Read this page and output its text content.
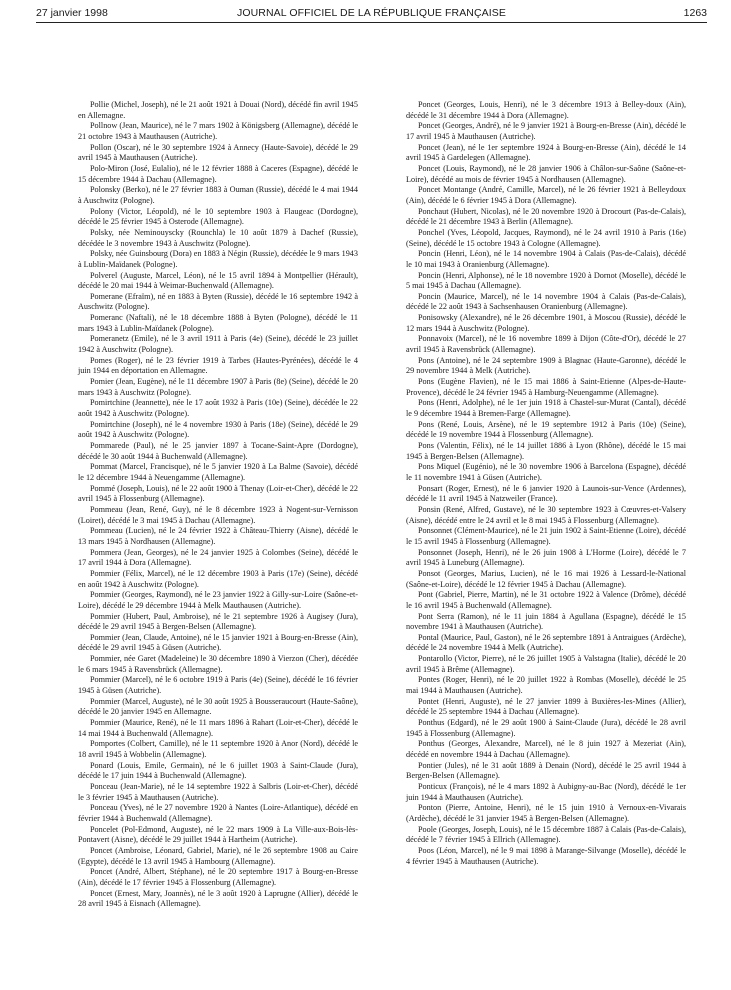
27 janvier 1998	JOURNAL OFFICIEL DE LA RÉPUBLIQUE FRANÇAISE	1263

Pollie (Michel, Joseph), né le 21 août 1921 à Douai (Nord), décédé fin avril 1945 en Allemagne.

Pollnow (Jean, Maurice), né le 7 mars 1902 à Königsberg (Allemagne), décédé le 21 octobre 1943 à Mauthausen (Autriche).

Pollon (Oscar), né le 30 septembre 1924 à Annecy (Haute-Savoie), décédé le 29 avril 1945 à Mauthausen (Autriche).

Polo-Miron (José, Eulalio), né le 12 février 1888 à Caceres (Espagne), décédé le 15 décembre 1944 à Dachau (Allemagne).

Polonsky (Berko), né le 27 février 1883 à Ouman (Russie), décédé le 4 mai 1944 à Auschwitz (Pologne).

Polony (Victor, Léopold), né le 10 septembre 1903 à Flaugeac (Dordogne), décédé le 25 février 1945 à Osterode (Allemagne).

Polsky, née Neminouyscky (Rounchla) le 10 août 1879 à Dachef (Russie), décédée le 3 novembre 1943 à Auschwitz (Pologne).

Polsky, née Guinsbourg (Dora) en 1883 à Négin (Russie), décédée le 9 mars 1943 à Lublin-Maïdanek (Pologne).

Polverel (Auguste, Marcel, Léon), né le 15 avril 1894 à Montpellier (Hérault), décédé le 20 mai 1944 à Weimar-Buchenwald (Allemagne).

Pomerane (Efraïm), né en 1883 à Byten (Russie), décédé le 16 septembre 1942 à Auschwitz (Pologne).

Pomeranc (Naftali), né le 18 décembre 1888 à Byten (Pologne), décédé le 11 mars 1943 à Lublin-Maïdanek (Pologne).

Pomeranetz (Emile), né le 3 avril 1911 à Paris (4e) (Seine), décédé le 23 juillet 1942 à Auschwitz (Pologne).

Pomes (Roger), né le 23 février 1919 à Tarbes (Hautes-Pyrénées), décédé le 4 juin 1944 en déportation en Allemagne.

Pomier (Jean, Eugène), né le 11 décembre 1907 à Paris (8e) (Seine), décédé le 20 mars 1943 à Auschwitz (Pologne).

Pomirtchine (Jeannette), née le 17 août 1932 à Paris (10e) (Seine), décédée le 22 août 1942 à Auschwitz (Pologne).

Pomirtchine (Joseph), né le 4 novembre 1930 à Paris (18e) (Seine), décédé le 29 août 1942 à Auschwitz (Pologne).

Pommarede (Paul), né le 25 janvier 1897 à Tocane-Saint-Apre (Dordogne), décédé le 30 août 1944 à Buchenwald (Allemagne).

Pommat (Marcel, Francisque), né le 5 janvier 1920 à La Balme (Savoie), décédé le 12 décembre 1944 à Neuengamme (Allemagne).

Pommé (Joseph, Louis), né le 22 août 1900 à Thenay (Loir-et-Cher), décédé le 22 avril 1945 à Flossenburg (Allemagne).

Pommeau (Jean, René, Guy), né le 8 décembre 1923 à Nogent-sur-Vernisson (Loiret), décédé le 3 mai 1945 à Dachau (Allemagne).

Pommeau (Lucien), né le 24 février 1922 à Château-Thierry (Aisne), décédé le 13 mars 1945 à Nordhausen (Allemagne).

Pommera (Jean, Georges), né le 24 janvier 1925 à Colombes (Seine), décédé le 17 avril 1944 à Dora (Allemagne).

Pommier (Félix, Marcel), né le 12 décembre 1903 à Paris (17e) (Seine), décédé en août 1942 à Auschwitz (Pologne).

Pommier (Georges, Raymond), né le 23 janvier 1922 à Gilly-sur-Loire (Saône-et-Loire), décédé le 29 décembre 1944 à Melk Mauthausen (Autriche).

Pommier (Hubert, Paul, Ambroise), né le 21 septembre 1926 à Augisey (Jura), décédé le 29 avril 1945 à Bergen-Belsen (Allemagne).

Pommier (Jean, Claude, Antoine), né le 15 janvier 1921 à Bourg-en-Bresse (Ain), décédé le 29 avril 1945 à Güsen (Autriche).

Pommier, née Garet (Madeleine) le 30 décembre 1890 à Vierzon (Cher), décédée le 6 mars 1945 à Ravensbrück (Allemagne).

Pommier (Marcel), né le 6 octobre 1919 à Paris (4e) (Seine), décédé le 16 février 1945 à Güsen (Autriche).

Pommier (Marcel, Auguste), né le 30 août 1925 à Bousseraucourt (Haute-Saône), décédé le 20 janvier 1945 en Allemagne.

Pommier (Maurice, René), né le 11 mars 1896 à Rahart (Loir-et-Cher), décédé le 14 mai 1944 à Buchenwald (Allemagne).

Pomportes (Colbert, Camille), né le 11 septembre 1920 à Anor (Nord), décédé le 18 avril 1945 à Wobbelin (Allemagne).

Ponard (Louis, Emile, Germain), né le 6 juillet 1903 à Saint-Claude (Jura), décédé le 17 juin 1944 à Buchenwald (Allemagne).

Ponceau (Jean-Marie), né le 14 septembre 1922 à Salbris (Loir-et-Cher), décédé le 3 février 1945 à Mauthausen (Autriche).

Ponceau (Yves), né le 27 novembre 1920 à Nantes (Loire-Atlantique), décédé en février 1944 à Buchenwald (Allemagne).

Poncelet (Pol-Edmond, Auguste), né le 22 mars 1909 à La Ville-aux-Bois-lès-Pontavert (Aisne), décédé le 29 juillet 1944 à Hartheim (Autriche).

Poncet (Ambroise, Léonard, Gabriel, Marie), né le 26 septembre 1908 au Caire (Egypte), décédé le 13 avril 1945 à Hambourg (Allemagne).

Poncet (André, Albert, Stéphane), né le 20 septembre 1917 à Bourg-en-Bresse (Ain), décédé le 17 février 1945 à Flossenburg (Allemagne).

Poncet (Ernest, Mary, Joannès), né le 3 août 1920 à Laprugne (Allier), décédé le 28 avril 1945 à Eisnach (Allemagne).

Poncet (Georges, Louis, Henri), né le 3 décembre 1913 à Belley-doux (Ain), décédé le 31 décembre 1944 à Dora (Allemagne).

Poncet (Georges, André), né le 9 janvier 1921 à Bourg-en-Bresse (Ain), décédé le 17 avril 1945 à Mauthausen (Autriche).

Poncet (Jean), né le 1er septembre 1924 à Bourg-en-Bresse (Ain), décédé le 14 avril 1945 à Gardelegen (Allemagne).

Poncet (Louis, Raymond), né le 28 janvier 1906 à Châlon-sur-Saône (Saône-et-Loire), décédé au mois de février 1945 à Nordhausen (Allemagne).

Poncet Montange (André, Camille, Marcel), né le 26 février 1921 à Belleydoux (Ain), décédé le 6 février 1945 à Dora (Allemagne).

Ponchaut (Hubert, Nicolas), né le 20 novembre 1920 à Drocourt (Pas-de-Calais), décédé le 21 décembre 1943 à Berlin (Allemagne).

Ponchel (Yves, Léopold, Jacques, Raymond), né le 24 avril 1910 à Paris (16e) (Seine), décédé le 15 octobre 1943 à Cologne (Allemagne).

Poncin (Henri, Léon), né le 14 novembre 1904 à Calais (Pas-de-Calais), décédé le 10 mai 1943 à Oranienburg (Allemagne).

Poncin (Henri, Alphonse), né le 18 novembre 1920 à Dornot (Moselle), décédé le 5 mai 1945 à Dachau (Allemagne).

Poncin (Maurice, Marcel), né le 14 novembre 1904 à Calais (Pas-de-Calais), décédé le 22 août 1943 à Sachsenhausen Oranienburg (Allemagne).

Ponisowsky (Alexandre), né le 26 décembre 1901, à Moscou (Russie), décédé le 12 mars 1944 à Auschwitz (Pologne).

Ponnavoix (Marcel), né le 16 novembre 1899 à Dijon (Côte-d'Or), décédé le 27 avril 1945 à Ravensbrück (Allemagne).

Pons (Antoine), né le 24 septembre 1909 à Blagnac (Haute-Garonne), décédé le 29 novembre 1944 à Melk (Autriche).

Pons (Eugène Flavien), né le 15 mai 1886 à Saint-Etienne (Alpes-de-Haute-Provence), décédé le 24 février 1945 à Hamburg-Neuengamme (Allemagne).

Pons (Henri, Adolphe), né le 1er juin 1918 à Chastel-sur-Murat (Cantal), décédé le 9 décembre 1944 à Bremen-Farge (Allemagne).

Pons (René, Louis, Arsène), né le 19 septembre 1912 à Paris (10e) (Seine), décédé le 19 novembre 1944 à Flossenburg (Allemagne).

Pons (Valentin, Félix), né le 14 juillet 1886 à Lyon (Rhône), décédé le 15 mai 1945 à Bergen-Belsen (Allemagne).

Pons Miquel (Eugénio), né le 30 novembre 1906 à Barcelona (Espagne), décédé le 11 novembre 1941 à Güsen (Autriche).

Ponsart (Roger, Ernest), né le 6 janvier 1920 à Launois-sur-Vence (Ardennes), décédé le 11 avril 1945 à Natzweiler (France).

Ponsin (René, Alfred, Gustave), né le 30 septembre 1923 à Cœuvres-et-Valsery (Aisne), décédé entre le 24 avril et le 8 mai 1945 à Flossenburg (Allemagne).

Ponsonnet (Clément-Maurice), né le 21 juin 1902 à Saint-Etienne (Loire), décédé le 15 avril 1945 à Flossenburg (Allemagne).

Ponsonnet (Joseph, Henri), né le 26 juin 1908 à L'Horme (Loire), décédé le 7 avril 1945 à Luneburg (Allemagne).

Ponsot (Georges, Marius, Lucien), né le 16 mai 1926 à Lessard-le-National (Saône-et-Loire), décédé le 12 février 1945 à Dachau (Allemagne).

Pont (Gabriel, Pierre, Martin), né le 31 octobre 1922 à Valence (Drôme), décédé le 16 avril 1945 à Buchenwald (Allemagne).

Pont Serra (Ramon), né le 11 juin 1884 à Agullana (Espagne), décédé le 15 novembre 1941 à Mauthausen (Autriche).

Pontal (Maurice, Paul, Gaston), né le 26 septembre 1891 à Antraigues (Ardèche), décédé le 24 novembre 1944 à Melk (Autriche).

Pontarollo (Victor, Pierre), né le 26 juillet 1905 à Valstagna (Italie), décédé le 20 avril 1945 à Brême (Allemagne).

Pontes (Roger, Henri), né le 20 juillet 1922 à Rombas (Moselle), décédé le 25 mai 1944 à Mauthausen (Autriche).

Pontet (Henri, Auguste), né le 27 janvier 1899 à Buxières-les-Mines (Allier), décédé le 25 septembre 1944 à Dachau (Allemagne).

Ponthus (Edgard), né le 29 août 1900 à Saint-Claude (Jura), décédé le 28 avril 1945 à Flossenburg (Allemagne).

Ponthus (Georges, Alexandre, Marcel), né le 8 juin 1927 à Mezeriat (Ain), décédé en novembre 1944 à Dachau (Allemagne).

Pontier (Jules), né le 31 août 1889 à Denain (Nord), décédé le 25 avril 1944 à Bergen-Belsen (Allemagne).

Ponticux (François), né le 4 mars 1892 à Aubigny-au-Bac (Nord), décédé le 1er juin 1944 à Mauthausen (Autriche).

Ponton (Pierre, Antoine, Henri), né le 15 juin 1910 à Vernoux-en-Vivarais (Ardèche), décédé le 31 janvier 1945 à Bergen-Belsen (Allemagne).

Poole (Georges, Joseph, Louis), né le 15 décembre 1887 à Calais (Pas-de-Calais), décédé le 7 février 1945 à Ellrich (Allemagne).

Poos (Léon, Marcel), né le 9 mai 1898 à Marange-Silvange (Moselle), décédé le 4 février 1945 à Mauthausen (Autriche).
